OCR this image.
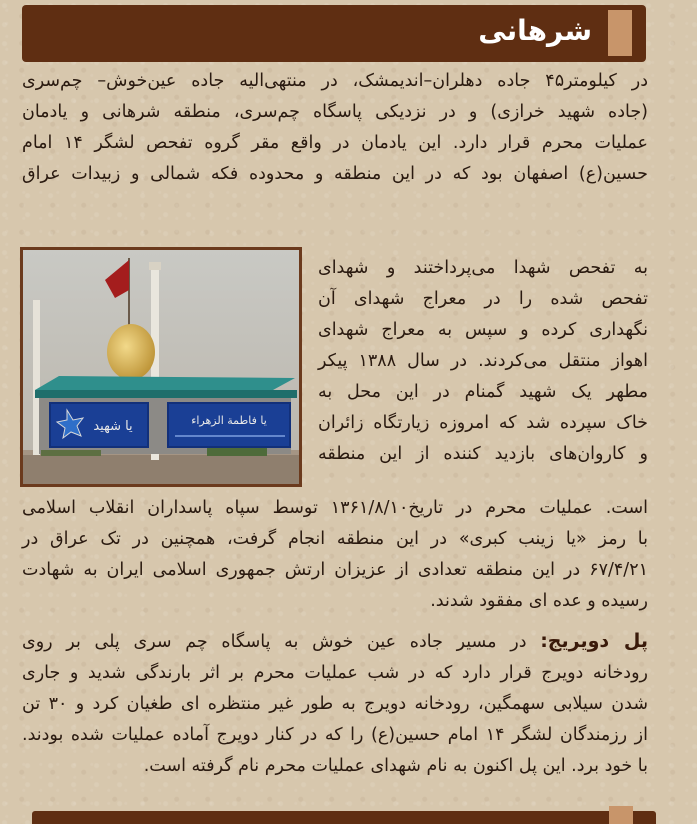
شرهانی
در کیلومتر۴۵ جاده دهلران–اندیمشک، در منتهی‌الیه جاده عین‌خوش– چم‌سری
(جاده شهید خرازی) و در نزدیکی پاسگاه چم‌سری، منطقه شرهانی و یادمان
عملیات محرم قرار دارد. این یادمان در واقع مقر گروه تفحص لشگر ۱۴ امام
حسین(ع) اصفهان بود که در این منطقه و محدوده فکه شمالی و زبیدات عراق
یا شهید	یا فاطمة الزهراء
به تفحص شهدا می‌پرداختند و شهدای
تفحص شده را در معراج شهدای آن
نگهداری کرده و سپس به معراج شهدای
اهواز منتقل می‌کردند. در سال ۱۳۸۸ پیکر
مطهر یک شهید گمنام در این محل به
خاک سپرده شد که امروزه زیارتگاه زائران
و کاروان‌های بازدید کننده از این منطقه
است. عملیات محرم در تاریخ۱۳۶۱/۸/۱۰ توسط سپاه پاسداران انقلاب اسلامی
با رمز «یا زینب کبری» در این منطقه انجام گرفت، همچنین در تک عراق در
۶۷/۴/۲۱ در این منطقه تعدادی از عزیزان ارتش جمهوری اسلامی ایران به شهادت
رسیده و عده ای مفقود شدند.
پل دویریج: در مسیر جاده عین خوش به پاسگاه چم سری پلی بر روی
رودخانه دویرج قرار دارد که در شب عملیات محرم بر اثر بارندگی شدید و جاری
شدن سیلابی سهمگین، رودخانه دویرج به طور غیر منتظره ای طغیان کرد و ۳۰ تن
از رزمندگان لشگر ۱۴ امام حسین(ع) را که در کنار دویرج آماده عملیات شده بودند.
با خود برد. این پل اکنون به نام شهدای عملیات محرم نام گرفته است.
